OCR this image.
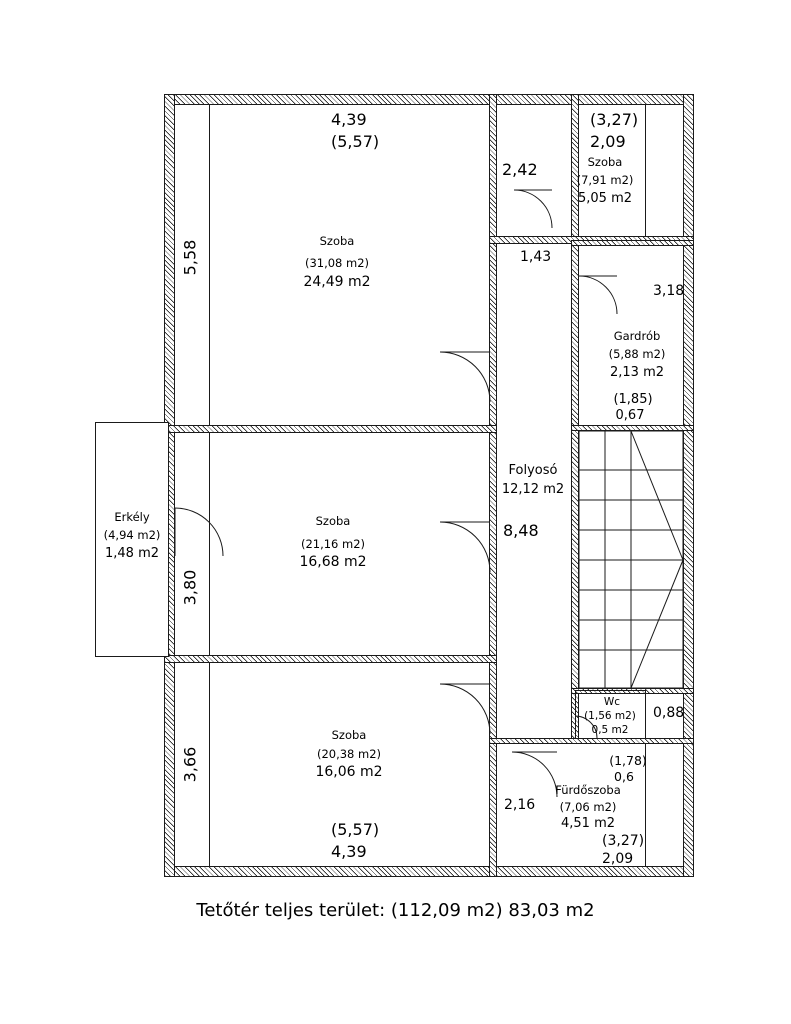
4,39
(5,57)
5,58
3,80
3,66
(5,57)
4,39
Szoba
(31,08 m2)
24,49 m2
Szoba
(21,16 m2)
16,68 m2
Szoba
(20,38 m2)
16,06 m2
Erkély
(4,94 m2)
1,48 m2
(3,27)
2,09
Szoba
(7,91 m2)
5,05 m2
2,42
1,43
3,18
Gardrób
(5,88 m2)
2,13 m2
(1,85)
0,67
Folyosó
12,12 m2
8,48
Wc
(1,56 m2)
0,5 m2
0,88
(1,78)
0,6
Fürdőszoba
(7,06 m2)
4,51 m2
2,16
(3,27)
2,09
Tetőtér teljes terület: (112,09 m2) 83,03 m2
